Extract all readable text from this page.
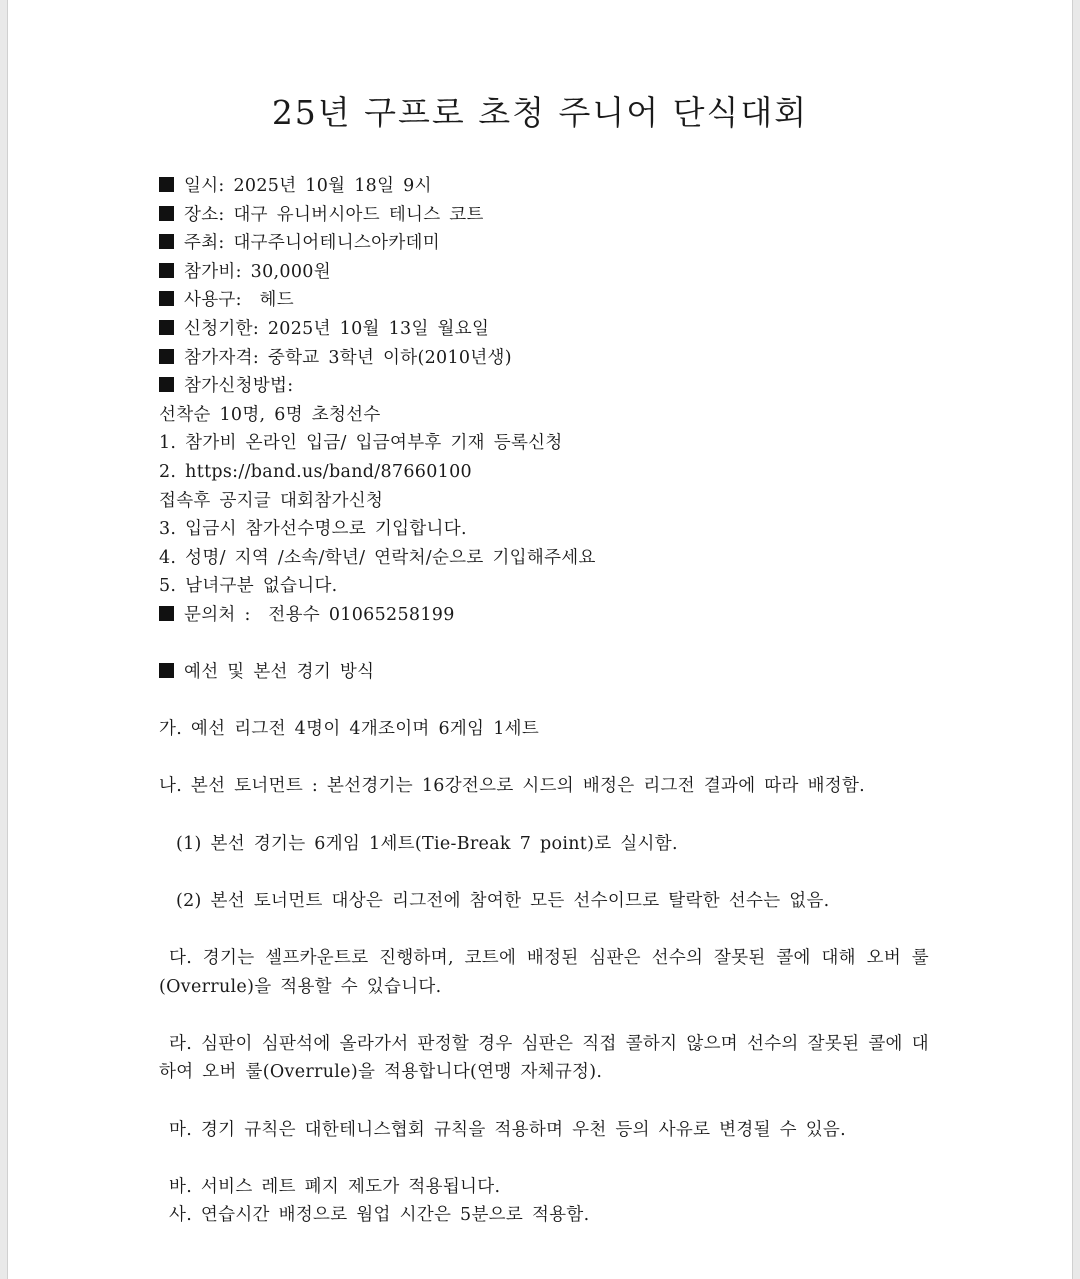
25년 구프로 초청 주니어 단식대회
일시: 2025년 10월 18일 9시
장소: 대구 유니버시아드 테니스 코트
주최: 대구주니어테니스아카데미
참가비: 30,000원
사용구:  헤드
신청기한: 2025년 10월 13일 월요일
참가자격: 중학교 3학년 이하(2010년생)
참가신청방법:
선착순 10명, 6명 초청선수
1. 참가비 온라인 입금/ 입금여부후 기재 등록신청
2. https://band.us/band/87660100
접속후 공지글 대회참가신청
3. 입금시 참가선수명으로 기입합니다.
4. 성명/ 지역 /소속/학년/ 연락처/순으로 기입해주세요
5. 남녀구분 없습니다.
문의처 :  전용수 01065258199
예선 및 본선 경기 방식
가. 예선 리그전 4명이 4개조이며 6게임 1세트
나. 본선 토너먼트 : 본선경기는 16강전으로 시드의 배정은 리그전 결과에 따라 배정함.
(1) 본선 경기는 6게임 1세트(Tie-Break 7 point)로 실시함.
(2) 본선 토너먼트 대상은 리그전에 참여한 모든 선수이므로 탈락한 선수는 없음.
다. 경기는 셀프카운트로 진행하며, 코트에 배정된 심판은 선수의 잘못된 콜에 대해 오버 룰(Overrule)을 적용할 수 있습니다.
라. 심판이 심판석에 올라가서 판정할 경우 심판은 직접 콜하지 않으며 선수의 잘못된 콜에 대하여 오버 룰(Overrule)을 적용합니다(연맹 자체규정).
마. 경기 규칙은 대한테니스협회 규칙을 적용하며 우천 등의 사유로 변경될 수 있음.
바. 서비스 레트 폐지 제도가 적용됩니다.
사. 연습시간 배정으로 웜업 시간은 5분으로 적용함.
